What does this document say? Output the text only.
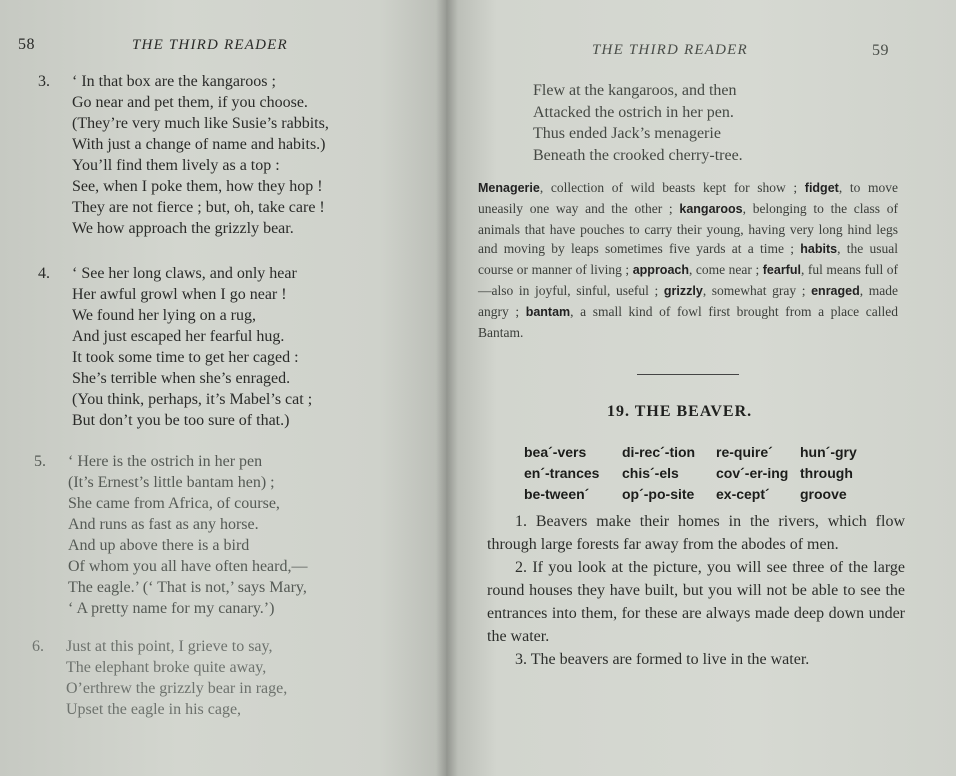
58	THE THIRD READER
3. ‘ In that box are the kangaroos ;
Go near and pet them, if you choose.
(They’re very much like Susie’s rabbits,
With just a change of name and habits.)
You’ll find them lively as a top :
See, when I poke them, how they hop !
They are not fierce ; but, oh, take care !
We how approach the grizzly bear.
4. ‘ See her long claws, and only hear
Her awful growl when I go near !
We found her lying on a rug,
And just escaped her fearful hug.
It took some time to get her caged :
She’s terrible when she’s enraged.
(You think, perhaps, it’s Mabel’s cat ;
But don’t you be too sure of that.)
5. ‘ Here is the ostrich in her pen
(It’s Ernest’s little bantam hen) ;
She came from Africa, of course,
And runs as fast as any horse.
And up above there is a bird
Of whom you all have often heard,—
The eagle.’ (‘ That is not,’ says Mary,
‘ A pretty name for my canary.’)
6. Just at this point, I grieve to say,
The elephant broke quite away,
O’erthrew the grizzly bear in rage,
Upset the eagle in his cage,
THE THIRD READER	59
Flew at the kangaroos, and then
Attacked the ostrich in her pen.
Thus ended Jack’s menagerie
Beneath the crooked cherry-tree.
Menagerie, collection of wild beasts kept for show ; fidget, to move uneasily one way and the other ; kangaroos, belonging to the class of animals that have pouches to carry their young, having very long hind legs and moving by leaps sometimes five yards at a time ; habits, the usual course or manner of living ; approach, come near ; fearful, ful means full of—also in joyful, sinful, useful ; grizzly, somewhat gray ; enraged, made angry ; bantam, a small kind of fowl first brought from a place called Bantam.
19. THE BEAVER.
bea´-vers
en´-trances
be-tween´
di-rec´-tion
chis´-els
op´-po-site
re-quire´
cov´-er-ing
ex-cept´
hun´-gry
through
groove

1. Beavers make their homes in the rivers, which flow through large forests far away from the abodes of men.

2. If you look at the picture, you will see three of the large round houses they have built, but you will not be able to see the entrances into them, for these are always made deep down under the water.

3. The beavers are formed to live in the water.
